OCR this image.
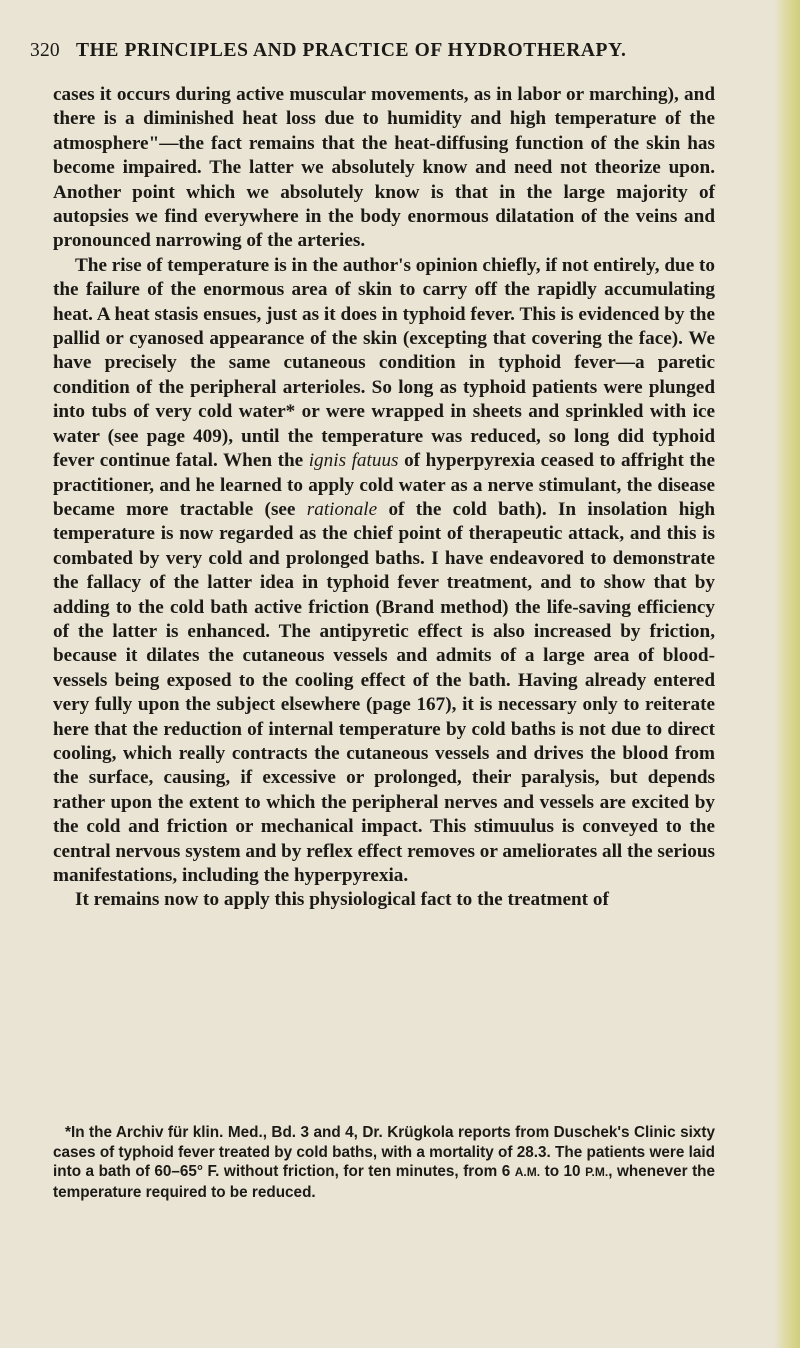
320 THE PRINCIPLES AND PRACTICE OF HYDROTHERAPY.

cases it occurs during active muscular movements, as in labor or marching), and there is a diminished heat loss due to humidity and high temperature of the atmosphere"—the fact remains that the heat-diffusing function of the skin has become impaired. The latter we absolutely know and need not theorize upon. Another point which we absolutely know is that in the large majority of autopsies we find everywhere in the body enormous dilatation of the veins and pronounced narrowing of the arteries.

The rise of temperature is in the author's opinion chiefly, if not entirely, due to the failure of the enormous area of skin to carry off the rapidly accumulating heat. A heat stasis ensues, just as it does in typhoid fever. This is evidenced by the pallid or cyanosed appearance of the skin (excepting that covering the face). We have precisely the same cutaneous condition in typhoid fever—a paretic condition of the peripheral arterioles. So long as typhoid patients were plunged into tubs of very cold water* or were wrapped in sheets and sprinkled with ice water (see page 409), until the temperature was reduced, so long did typhoid fever continue fatal. When the ignis fatuus of hyperpyrexia ceased to affright the practitioner, and he learned to apply cold water as a nerve stimulant, the disease became more tractable (see rationale of the cold bath). In insolation high temperature is now regarded as the chief point of therapeutic attack, and this is combated by very cold and prolonged baths. I have endeavored to demonstrate the fallacy of the latter idea in typhoid fever treatment, and to show that by adding to the cold bath active friction (Brand method) the life-saving efficiency of the latter is enhanced. The antipyretic effect is also increased by friction, because it dilates the cutaneous vessels and admits of a large area of blood-vessels being exposed to the cooling effect of the bath. Having already entered very fully upon the subject elsewhere (page 167), it is necessary only to reiterate here that the reduction of internal temperature by cold baths is not due to direct cooling, which really contracts the cutaneous vessels and drives the blood from the surface, causing, if excessive or prolonged, their paralysis, but depends rather upon the extent to which the peripheral nerves and vessels are excited by the cold and friction or mechanical impact. This stimuulus is conveyed to the central nervous system and by reflex effect removes or ameliorates all the serious manifestations, including the hyperpyrexia.

It remains now to apply this physiological fact to the treatment of

*In the Archiv für klin. Med., Bd. 3 and 4, Dr. Krügkola reports from Duschek's Clinic sixty cases of typhoid fever treated by cold baths, with a mortality of 28.3. The patients were laid into a bath of 60–65° F. without friction, for ten minutes, from 6 A.M. to 10 P.M., whenever the temperature required to be reduced.
